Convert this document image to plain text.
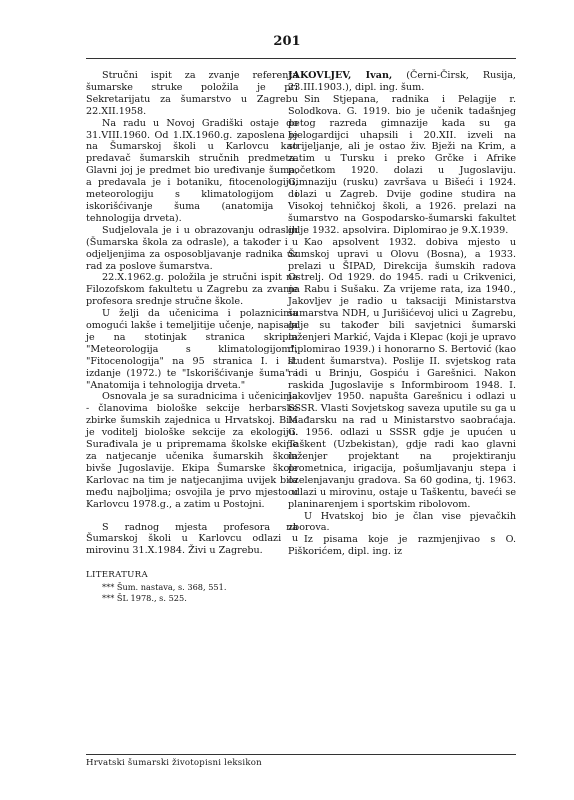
201

Stručni ispit za zvanje referenta šumarske struke položila je pri Sekretarijatu za šumarstvo u Zagrebu 22.XII.1958.

Na radu u Novoj Gradiški ostaje do 31.VIII.1960. Od 1.IX.1960.g. zaposlena je na Šumarskoj školi u Karlovcu kao predavač šumarskih stručnih predmeta. Glavni joj je predmet bio uređivanje šuma, a predavala je i botaniku, fitocenologiju, meteorologiju s klimatologijom i iskorišćivanje šuma (anatomija i tehnologija drveta).

Sudjelovala je i u obrazovanju odraslih (Šumarska škola za odrasle), a također i u odjeljenjima za osposobljavanje radnika uz rad za poslove šumarstva.

22.X.1962.g. položila je stručni ispit na Filozofskom fakultetu u Zagrebu za zvanje profesora srednje stručne škole.

U želji da učenicima i polaznicima omogući lakše i temeljitije učenje, napisala je na stotinjak stranica skripta "Meteorologija s klimatologijom", "Fitocenologija" na 95 stranica I. i II. izdanje (1972.) te "Iskorišćivanje šuma" i "Anatomija i tehnologija drveta."

Osnovala je sa suradnicima i učenicima - članovima biološke sekcije herbarske zbirke šumskih zajednica u Hrvatskoj. Bila je voditelj biološke sekcije za ekologiju. Surađivala je u pripremama školske ekipe za natjecanje učenika šumarskih škola bivše Jugoslavije. Ekipa Šumarske škole Karlovac na tim je natjecanjima uvijek bila među najboljima; osvojila je prvo mjesto u Karlovcu 1978.g., a zatim u Postojni.

S radnog mjesta profesora na Šumarskoj školi u Karlovcu odlazi u mirovinu 31.X.1984. Živi u Zagrebu.

LITERATURA
*** Šum. nastava, s. 368, 551.
*** ŠL 1978., s. 525.

JAKOVLJEV, Ivan, (Černi-Čirsk, Rusija, 23.III.1903.), dipl. ing. šum.

Sin Stjepana, radnika i Pelagije r. Solodkova. G. 1919. bio je učenik tadašnjeg petog razreda gimnazije kada su ga bjelogardijci uhapsili i 20.XII. izveli na strijeljanje, ali je ostao živ. Bježi na Krim, a zatim u Tursku i preko Grčke i Afrike početkom 1920. dolazi u Jugoslaviju. Gimnaziju (rusku) završava u Bišeći i 1924. dolazi u Zagreb. Dvije godine studira na Visokoj tehničkoj školi, a 1926. prelazi na šumarstvo na Gospodarsko-šumarski fakultet gdje 1932. apsolvira. Diplomirao je 9.X.1939.

Kao apsolvent 1932. dobiva mjesto u Šumskoj upravi u Olovu (Bosna), a 1933. prelazi u ŠIPAD, Direkcija šumskih radova Ostrelj. Od 1929. do 1945. radi u Crikvenici, na Rabu i Sušaku. Za vrijeme rata, iza 1940., Jakovljev je radio u taksaciji Ministarstva šumarstva NDH, u Jurišićevoj ulici u Zagrebu, gdje su također bili savjetnici šumarski inženjeri Markić, Vajda i Klepac (koji je upravo diplomirao 1939.) i honorarno S. Bertović (kao student šumarstva). Poslije II. svjetskog rata radi u Brinju, Gospiću i Garešnici. Nakon raskida Jugoslavije s Informbiroom 1948. I. Jakovljev 1950. napušta Garešnicu i odlazi u SSSR. Vlasti Sovjetskog saveza uputile su ga u Mađarsku na rad u Ministarstvo saobraćaja. G. 1956. odlazi u SSSR gdje je upućen u Taškent (Uzbekistan), gdje radi kao glavni inženjer projektant na projektiranju prometnica, irigacija, pošumljavanju stepa i ozelenjavanju gradova. Sa 60 godina, tj. 1963. odlazi u mirovinu, ostaje u Taškentu, baveći se planinarenjem i sportskim ribolovom.

U Hvatskoj bio je član vise pjevačkih zborova.

Iz pisama koje je razmjenjivao s O. Piškorićem, dipl. ing. iz

Hrvatski šumarski životopisni leksikon
